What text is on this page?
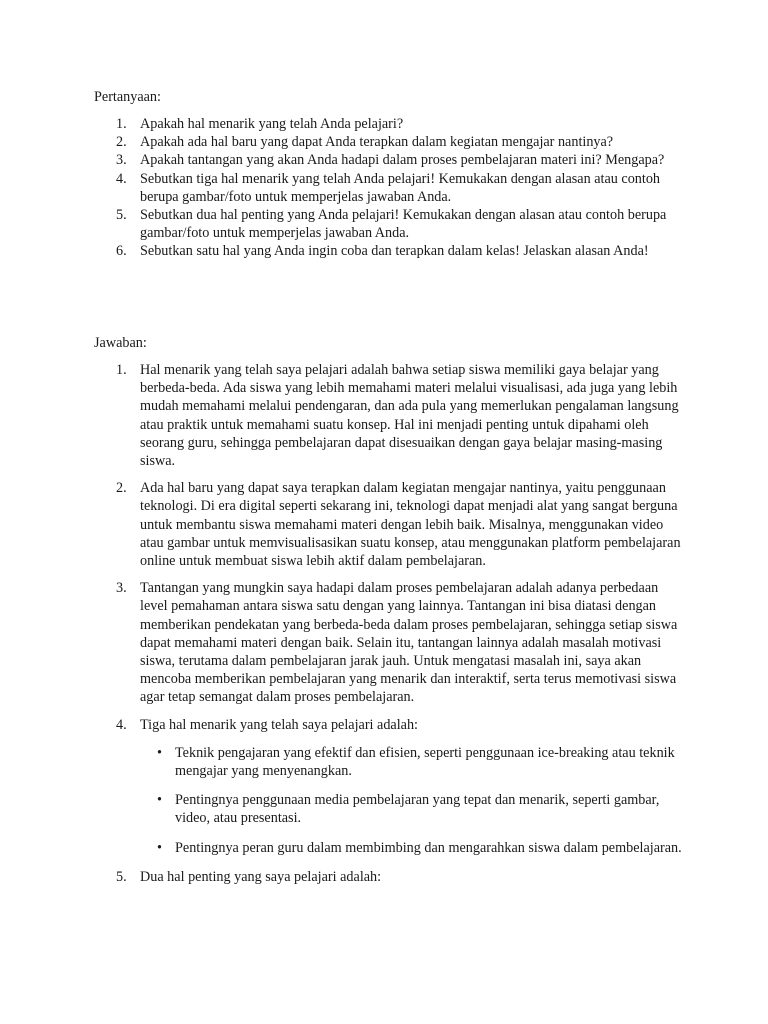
Pertanyaan:

1. Apakah hal menarik yang telah Anda pelajari?
2. Apakah ada hal baru yang dapat Anda terapkan dalam kegiatan mengajar nantinya?
3. Apakah tantangan yang akan Anda hadapi dalam proses pembelajaran materi ini? Mengapa?
4. Sebutkan tiga hal menarik yang telah Anda pelajari! Kemukakan dengan alasan atau contoh berupa gambar/foto untuk memperjelas jawaban Anda.
5. Sebutkan dua hal penting yang Anda pelajari! Kemukakan dengan alasan atau contoh berupa gambar/foto untuk memperjelas jawaban Anda.
6. Sebutkan satu hal yang Anda ingin coba dan terapkan dalam kelas! Jelaskan alasan Anda!

Jawaban:

1. Hal menarik yang telah saya pelajari adalah bahwa setiap siswa memiliki gaya belajar yang berbeda-beda. Ada siswa yang lebih memahami materi melalui visualisasi, ada juga yang lebih mudah memahami melalui pendengaran, dan ada pula yang memerlukan pengalaman langsung atau praktik untuk memahami suatu konsep. Hal ini menjadi penting untuk dipahami oleh seorang guru, sehingga pembelajaran dapat disesuaikan dengan gaya belajar masing-masing siswa.
2. Ada hal baru yang dapat saya terapkan dalam kegiatan mengajar nantinya, yaitu penggunaan teknologi. Di era digital seperti sekarang ini, teknologi dapat menjadi alat yang sangat berguna untuk membantu siswa memahami materi dengan lebih baik. Misalnya, menggunakan video atau gambar untuk memvisualisasikan suatu konsep, atau menggunakan platform pembelajaran online untuk membuat siswa lebih aktif dalam pembelajaran.
3. Tantangan yang mungkin saya hadapi dalam proses pembelajaran adalah adanya perbedaan level pemahaman antara siswa satu dengan yang lainnya. Tantangan ini bisa diatasi dengan memberikan pendekatan yang berbeda-beda dalam proses pembelajaran, sehingga setiap siswa dapat memahami materi dengan baik. Selain itu, tantangan lainnya adalah masalah motivasi siswa, terutama dalam pembelajaran jarak jauh. Untuk mengatasi masalah ini, saya akan mencoba memberikan pembelajaran yang menarik dan interaktif, serta terus memotivasi siswa agar tetap semangat dalam proses pembelajaran.
4. Tiga hal menarik yang telah saya pelajari adalah:
• Teknik pengajaran yang efektif dan efisien, seperti penggunaan ice-breaking atau teknik mengajar yang menyenangkan.
• Pentingnya penggunaan media pembelajaran yang tepat dan menarik, seperti gambar, video, atau presentasi.
• Pentingnya peran guru dalam membimbing dan mengarahkan siswa dalam pembelajaran.
5. Dua hal penting yang saya pelajari adalah:
